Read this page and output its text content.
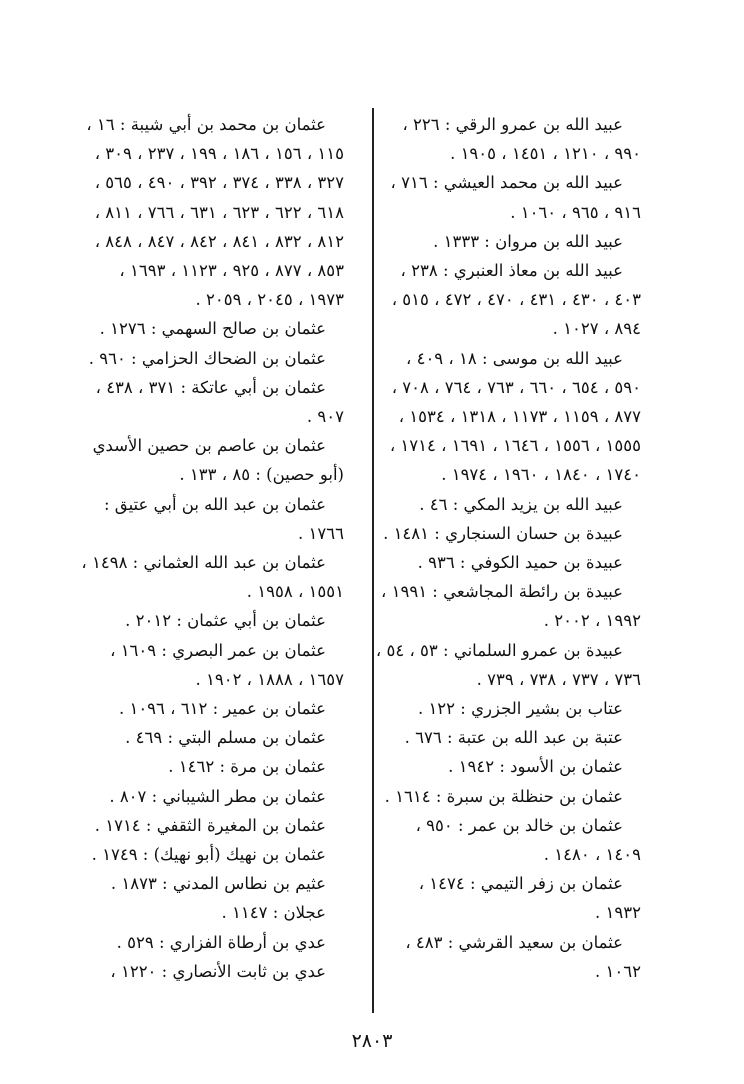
عبيد الله بن عمرو الرقي : ٢٢٦ ،
٩٩٠ ، ١٢١٠ ، ١٤٥١ ، ١٩٠٥ .
عبيد الله بن محمد العيشي : ٧١٦ ،
٩١٦ ، ٩٦٥ ، ١٠٦٠ .
عبيد الله بن مروان : ١٣٣٣ .
عبيد الله بن معاذ العنبري : ٢٣٨ ،
٤٠٣ ، ٤٣٠ ، ٤٣١ ، ٤٧٠ ، ٤٧٢ ، ٥١٥ ،
٨٩٤ ، ١٠٢٧ .
عبيد الله بن موسى : ١٨ ، ٤٠٩ ،
٥٩٠ ، ٦٥٤ ، ٦٦٠ ، ٧٦٣ ، ٧٦٤ ، ٧٠٨ ،
٨٧٧ ، ١١٥٩ ، ١١٧٣ ، ١٣١٨ ، ١٥٣٤ ،
١٥٥٥ ، ١٥٥٦ ، ١٦٤٦ ، ١٦٩١ ، ١٧١٤ ،
١٧٤٠ ، ١٨٤٠ ، ١٩٦٠ ، ١٩٧٤ .
عبيد الله بن يزيد المكي : ٤٦ .
عبيدة بن حسان السنجاري : ١٤٨١ .
عبيدة بن حميد الكوفي : ٩٣٦ .
عبيدة بن رائطة المجاشعي : ١٩٩١ ،
١٩٩٢ ، ٢٠٠٢ .
عبيدة بن عمرو السلماني : ٥٣ ، ٥٤ ،
٧٣٦ ، ٧٣٧ ، ٧٣٨ ، ٧٣٩ .
عتاب بن بشير الجزري : ١٢٢ .
عتبة بن عبد الله بن عتبة : ٦٧٦ .
عثمان بن الأسود : ١٩٤٢ .
عثمان بن حنظلة بن سبرة : ١٦١٤ .
عثمان بن خالد بن عمر : ٩٥٠ ،
١٤٠٩ ، ١٤٨٠ .
عثمان بن زفر التيمي : ١٤٧٤ ،
١٩٣٢ .
عثمان بن سعيد القرشي : ٤٨٣ ،
١٠٦٢ .
عثمان بن محمد بن أبي شيبة : ١٦ ،
١١٥ ، ١٥٦ ، ١٨٦ ، ١٩٩ ، ٢٣٧ ، ٣٠٩ ،
٣٢٧ ، ٣٣٨ ، ٣٧٤ ، ٣٩٢ ، ٤٩٠ ، ٥٦٥ ،
٦١٨ ، ٦٢٢ ، ٦٢٣ ، ٦٣١ ، ٧٦٦ ، ٨١١ ،
٨١٢ ، ٨٣٢ ، ٨٤١ ، ٨٤٢ ، ٨٤٧ ، ٨٤٨ ،
٨٥٣ ، ٨٧٧ ، ٩٢٥ ، ١١٢٣ ، ١٦٩٣ ،
١٩٧٣ ، ٢٠٤٥ ، ٢٠٥٩ .
عثمان بن صالح السهمي : ١٢٧٦ .
عثمان بن الضحاك الحزامي : ٩٦٠ .
عثمان بن أبي عاتكة : ٣٧١ ، ٤٣٨ ،
٩٠٧ .
عثمان بن عاصم بن حصين الأسدي
(أبو حصين) : ٨٥ ، ١٣٣ .
عثمان بن عبد الله بن أبي عتيق :
١٧٦٦ .
عثمان بن عبد الله العثماني : ١٤٩٨ ،
١٥٥١ ، ١٩٥٨ .
عثمان بن أبي عثمان : ٢٠١٢ .
عثمان بن عمر البصري : ١٦٠٩ ،
١٦٥٧ ، ١٨٨٨ ، ١٩٠٢ .
عثمان بن عمير : ٦١٢ ، ١٠٩٦ .
عثمان بن مسلم البتي : ٤٦٩ .
عثمان بن مرة : ١٤٦٢ .
عثمان بن مطر الشيباني : ٨٠٧ .
عثمان بن المغيرة الثقفي : ١٧١٤ .
عثمان بن نهيك (أبو نهيك) : ١٧٤٩ .
عثيم بن نطاس المدني : ١٨٧٣ .
عجلان : ١١٤٧ .
عدي بن أرطاة الفزاري : ٥٢٩ .
عدي بن ثابت الأنصاري : ١٢٢٠ ،
٢٨٠٣
